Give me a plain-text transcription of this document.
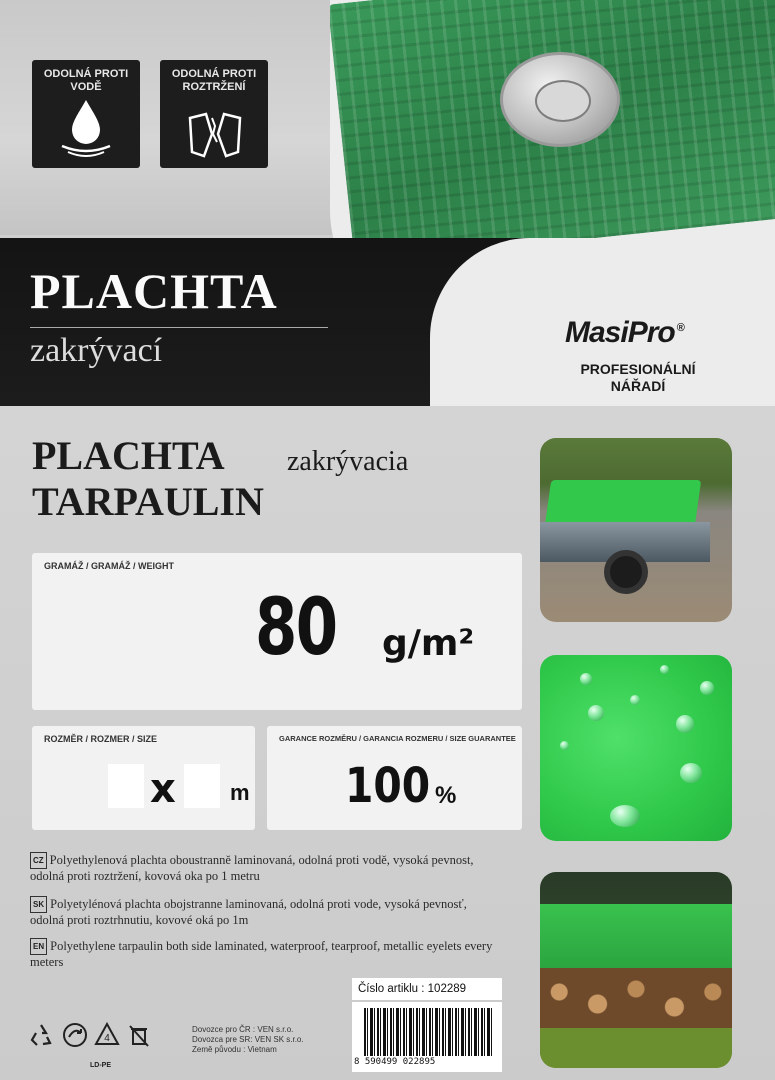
ODOLNÁ PROTI VODĚ
ODOLNÁ PROTI ROZTRŽENÍ
PLACHTA
zakrývací	MasiPro ®
PROFESIONÁLNÍ
NÁŘADÍ
PLACHTA zakrývacia
TARPAULIN
GRAMÁŽ / GRAMÁŽ / WEIGHT
80 g/m²
ROZMĚR / ROZMER / SIZE
x m
GARANCE ROZMĚRU / GARANCIA ROZMERU / SIZE GUARANTEE
100 %
CZ Polyethylenová plachta oboustranně laminovaná, odolná proti vodě, vysoká pevnost, odolná proti roztržení, kovová oka po 1 metru
SK Polyetylénová plachta obojstranne laminovaná, odolná proti vode, vysoká pevnosť, odolná proti roztrhnutiu, kovové oká po 1m
EN Polyethylene tarpaulin both side laminated, waterproof, tearproof, metallic eyelets every meters
Číslo artiklu : 102289
8 590499 022895
Dovozce pro ČR : VEN s.r.o.
Dovozca pre SR: VEN SK s.r.o.
Země původu : Vietnam
4
LD-PE
